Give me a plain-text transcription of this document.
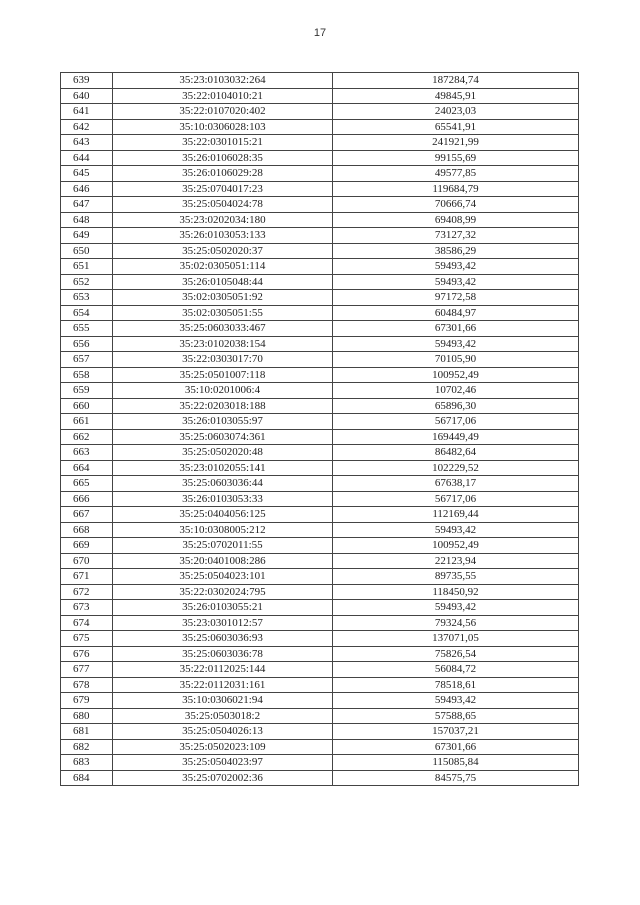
17
639	35:23:0103032:264	187284,74
640	35:22:0104010:21	49845,91
641	35:22:0107020:402	24023,03
642	35:10:0306028:103	65541,91
643	35:22:0301015:21	241921,99
644	35:26:0106028:35	99155,69
645	35:26:0106029:28	49577,85
646	35:25:0704017:23	119684,79
647	35:25:0504024:78	70666,74
648	35:23:0202034:180	69408,99
649	35:26:0103053:133	73127,32
650	35:25:0502020:37	38586,29
651	35:02:0305051:114	59493,42
652	35:26:0105048:44	59493,42
653	35:02:0305051:92	97172,58
654	35:02:0305051:55	60484,97
655	35:25:0603033:467	67301,66
656	35:23:0102038:154	59493,42
657	35:22:0303017:70	70105,90
658	35:25:0501007:118	100952,49
659	35:10:0201006:4	10702,46
660	35:22:0203018:188	65896,30
661	35:26:0103055:97	56717,06
662	35:25:0603074:361	169449,49
663	35:25:0502020:48	86482,64
664	35:23:0102055:141	102229,52
665	35:25:0603036:44	67638,17
666	35:26:0103053:33	56717,06
667	35:25:0404056:125	112169,44
668	35:10:0308005:212	59493,42
669	35:25:0702011:55	100952,49
670	35:20:0401008:286	22123,94
671	35:25:0504023:101	89735,55
672	35:22:0302024:795	118450,92
673	35:26:0103055:21	59493,42
674	35:23:0301012:57	79324,56
675	35:25:0603036:93	137071,05
676	35:25:0603036:78	75826,54
677	35:22:0112025:144	56084,72
678	35:22:0112031:161	78518,61
679	35:10:0306021:94	59493,42
680	35:25:0503018:2	57588,65
681	35:25:0504026:13	157037,21
682	35:25:0502023:109	67301,66
683	35:25:0504023:97	115085,84
684	35:25:0702002:36	84575,75
